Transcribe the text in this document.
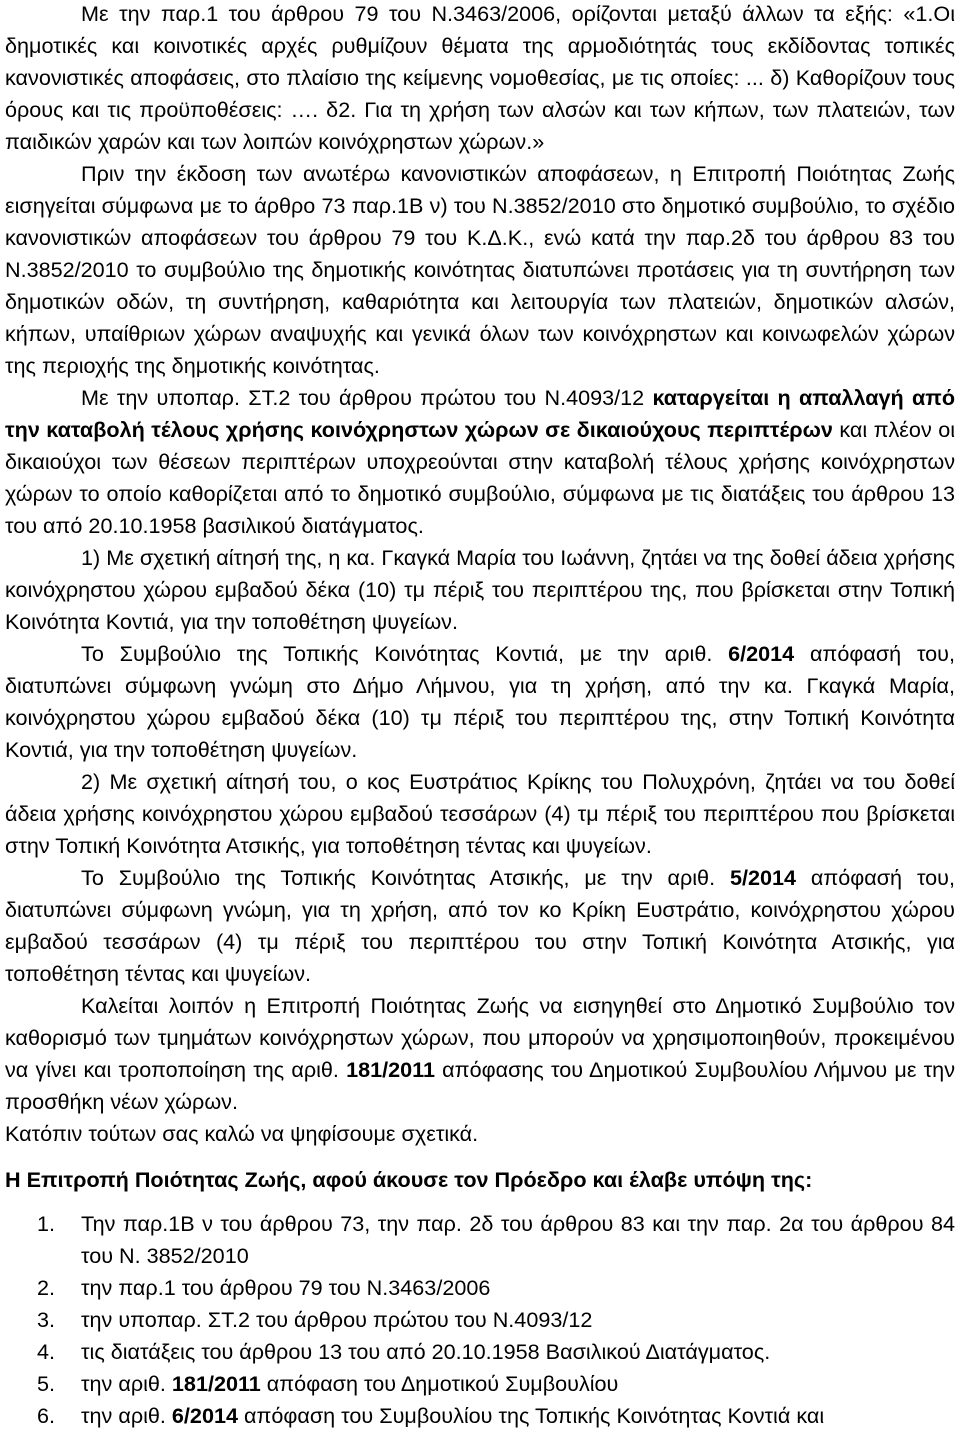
Με την παρ.1 του άρθρου 79 του Ν.3463/2006, ορίζονται μεταξύ άλλων τα εξής: «1.Οι δημοτικές και κοινοτικές αρχές ρυθμίζουν θέματα της αρμοδιότητάς τους εκδίδοντας τοπικές κανονιστικές αποφάσεις, στο πλαίσιο της κείμενης νομοθεσίας, με τις οποίες: ... δ) Καθορίζουν τους όρους και τις προϋποθέσεις: …. δ2. Για τη χρήση των αλσών και των κήπων, των πλατειών, των παιδικών χαρών και των λοιπών κοινόχρηστων χώρων.»

Πριν την έκδοση των ανωτέρω κανονιστικών αποφάσεων, η Επιτροπή Ποιότητας Ζωής εισηγείται σύμφωνα με το άρθρο 73 παρ.1Β ν) του Ν.3852/2010 στο δημοτικό συμβούλιο, το σχέδιο κανονιστικών αποφάσεων του άρθρου 79 του Κ.Δ.Κ., ενώ κατά την παρ.2δ του άρθρου 83 του Ν.3852/2010 το συμβούλιο της δημοτικής κοινότητας διατυπώνει προτάσεις για τη συντήρηση των δημοτικών οδών, τη συντήρηση, καθαριότητα και λειτουργία των πλατειών, δημοτικών αλσών, κήπων, υπαίθριων χώρων αναψυχής και γενικά όλων των κοινόχρηστων και κοινωφελών χώρων της περιοχής της δημοτικής κοινότητας.

Με την υποπαρ. ΣΤ.2 του άρθρου πρώτου του Ν.4093/12 καταργείται η απαλλαγή από την καταβολή τέλους χρήσης κοινόχρηστων χώρων σε δικαιούχους περιπτέρων και πλέον οι δικαιούχοι των θέσεων περιπτέρων υποχρεούνται στην καταβολή τέλους χρήσης κοινόχρηστων χώρων το οποίο καθορίζεται από το δημοτικό συμβούλιο, σύμφωνα με τις διατάξεις του άρθρου 13 του από 20.10.1958 βασιλικού διατάγματος.

1) Με σχετική αίτησή της, η κα. Γκαγκά Μαρία του Ιωάννη, ζητάει να της δοθεί άδεια χρήσης κοινόχρηστου χώρου εμβαδού δέκα (10) τμ πέριξ του περιπτέρου της, που βρίσκεται στην Τοπική Κοινότητα Κοντιά, για την τοποθέτηση ψυγείων.

Το Συμβούλιο της Τοπικής Κοινότητας Κοντιά, με την αριθ. 6/2014 απόφασή του, διατυπώνει σύμφωνη γνώμη στο Δήμο Λήμνου, για τη χρήση, από την κα. Γκαγκά Μαρία, κοινόχρηστου χώρου εμβαδού δέκα (10) τμ πέριξ του περιπτέρου της, στην Τοπική Κοινότητα Κοντιά, για την τοποθέτηση ψυγείων.

2) Με σχετική αίτησή του, ο κος Ευστράτιος Κρίκης του Πολυχρόνη, ζητάει να του δοθεί άδεια χρήσης κοινόχρηστου χώρου εμβαδού τεσσάρων (4) τμ πέριξ του περιπτέρου που βρίσκεται στην Τοπική Κοινότητα Ατσικής, για τοποθέτηση τέντας και ψυγείων.

Το Συμβούλιο της Τοπικής Κοινότητας Ατσικής, με την αριθ. 5/2014 απόφασή του, διατυπώνει σύμφωνη γνώμη, για τη χρήση, από τον κο Κρίκη Ευστράτιο, κοινόχρηστου χώρου εμβαδού τεσσάρων (4) τμ πέριξ του περιπτέρου του στην Τοπική Κοινότητα Ατσικής, για τοποθέτηση τέντας και ψυγείων.

Καλείται λοιπόν η Επιτροπή Ποιότητας Ζωής να εισηγηθεί στο Δημοτικό Συμβούλιο τον καθορισμό των τμημάτων κοινόχρηστων χώρων, που μπορούν να χρησιμοποιηθούν, προκειμένου να γίνει και τροποποίηση της αριθ. 181/2011 απόφασης του Δημοτικού Συμβουλίου Λήμνου με την προσθήκη νέων χώρων.

Κατόπιν τούτων σας καλώ να ψηφίσουμε σχετικά.

Η Επιτροπή Ποιότητας Ζωής, αφού άκουσε τον Πρόεδρο και έλαβε υπόψη της:

1. Την παρ.1Β ν του άρθρου 73, την παρ. 2δ του άρθρου 83 και την παρ. 2α του άρθρου 84 του Ν. 3852/2010
2. την παρ.1 του άρθρου 79 του Ν.3463/2006
3. την υποπαρ. ΣΤ.2 του άρθρου πρώτου του Ν.4093/12
4. τις διατάξεις του άρθρου 13 του από 20.10.1958 Βασιλικού Διατάγματος.
5. την αριθ. 181/2011 απόφαση του Δημοτικού Συμβουλίου
6. την αριθ. 6/2014 απόφαση του Συμβουλίου της Τοπικής Κοινότητας Κοντιά και
